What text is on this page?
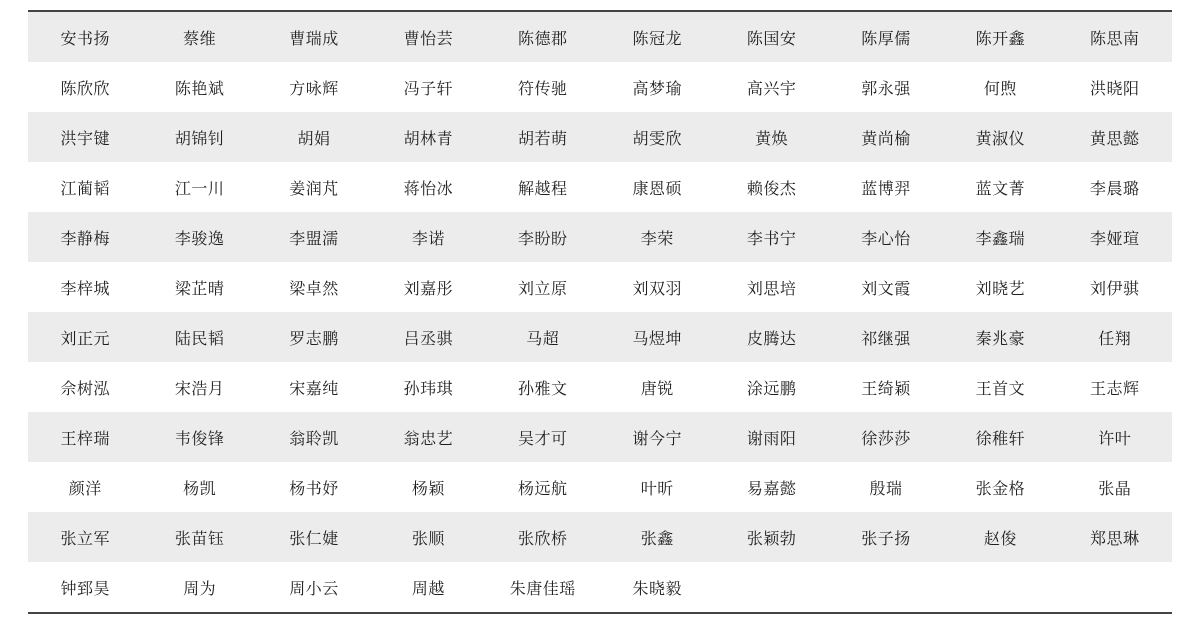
安书扬	蔡维	曹瑞成	曹怡芸	陈德郡	陈冠龙	陈国安	陈厚儒	陈开鑫	陈思南
陈欣欣	陈艳斌	方咏辉	冯子轩	符传驰	高梦瑜	高兴宇	郭永强	何煦	洪晓阳
洪宇键	胡锦钊	胡娟	胡林青	胡若萌	胡雯欣	黄焕	黄尚榆	黄淑仪	黄思懿
江蔺韬	江一川	姜润芃	蒋怡冰	解越程	康恩硕	赖俊杰	蓝博羿	蓝文菁	李晨璐
李静梅	李骏逸	李盟濡	李诺	李盼盼	李荣	李书宁	李心怡	李鑫瑞	李娅瑄
李梓城	梁芷晴	梁卓然	刘嘉彤	刘立原	刘双羽	刘思培	刘文霞	刘晓艺	刘伊骐
刘正元	陆民韬	罗志鹏	吕丞骐	马超	马煜坤	皮腾达	祁继强	秦兆豪	任翔
佘树泓	宋浩月	宋嘉纯	孙玮琪	孙雅文	唐锐	涂远鹏	王绮颖	王首文	王志辉
王梓瑞	韦俊锋	翁聆凯	翁忠艺	吴才可	谢今宁	谢雨阳	徐莎莎	徐稚轩	许叶
颜洋	杨凯	杨书妤	杨颖	杨远航	叶昕	易嘉懿	殷瑞	张金格	张晶
张立军	张苗钰	张仁婕	张顺	张欣桥	张鑫	张颖勃	张子扬	赵俊	郑思琳
钟郅昊	周为	周小云	周越	朱唐佳瑶	朱晓毅
